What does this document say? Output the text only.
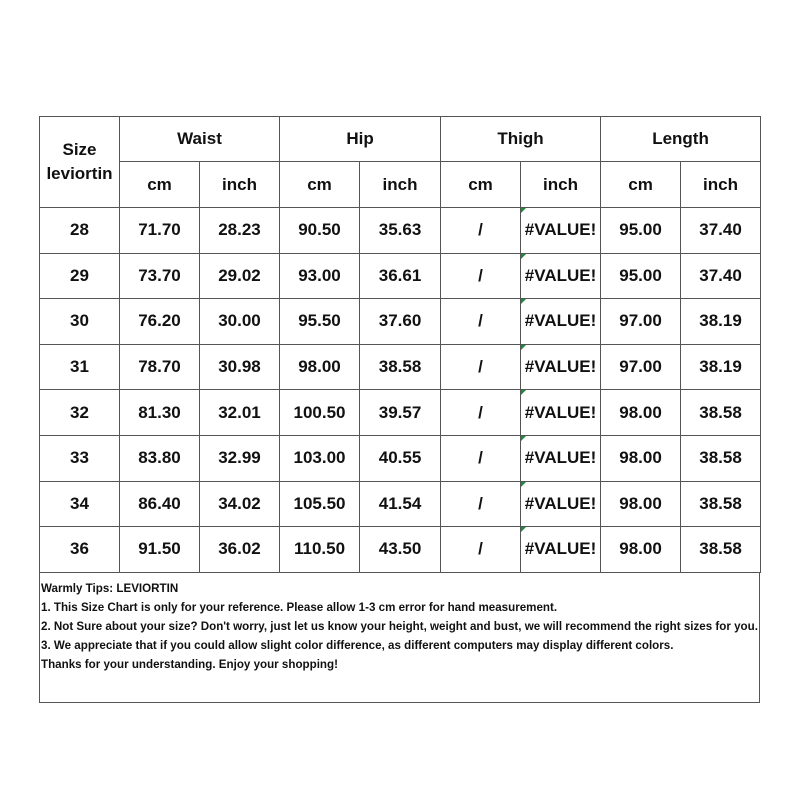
Size
leviortin	Waist		Hip		Thigh		Length	
	cm	inch	cm	inch	cm	inch	cm	inch
28	71.70	28.23	90.50	35.63	/	#VALUE!	95.00	37.40
29	73.70	29.02	93.00	36.61	/	#VALUE!	95.00	37.40
30	76.20	30.00	95.50	37.60	/	#VALUE!	97.00	38.19
31	78.70	30.98	98.00	38.58	/	#VALUE!	97.00	38.19
32	81.30	32.01	100.50	39.57	/	#VALUE!	98.00	38.58
33	83.80	32.99	103.00	40.55	/	#VALUE!	98.00	38.58
34	86.40	34.02	105.50	41.54	/	#VALUE!	98.00	38.58
36	91.50	36.02	110.50	43.50	/	#VALUE!	98.00	38.58
Warmly Tips: LEVIORTIN
1. This Size Chart is only for your reference. Please allow 1-3 cm error for hand measurement.
2. Not Sure about your size? Don't worry, just let us know your height, weight and bust, we will recommend the right sizes for you.
3. We appreciate that if you could allow slight color difference, as different computers may display different colors.
Thanks for your understanding. Enjoy your shopping!
